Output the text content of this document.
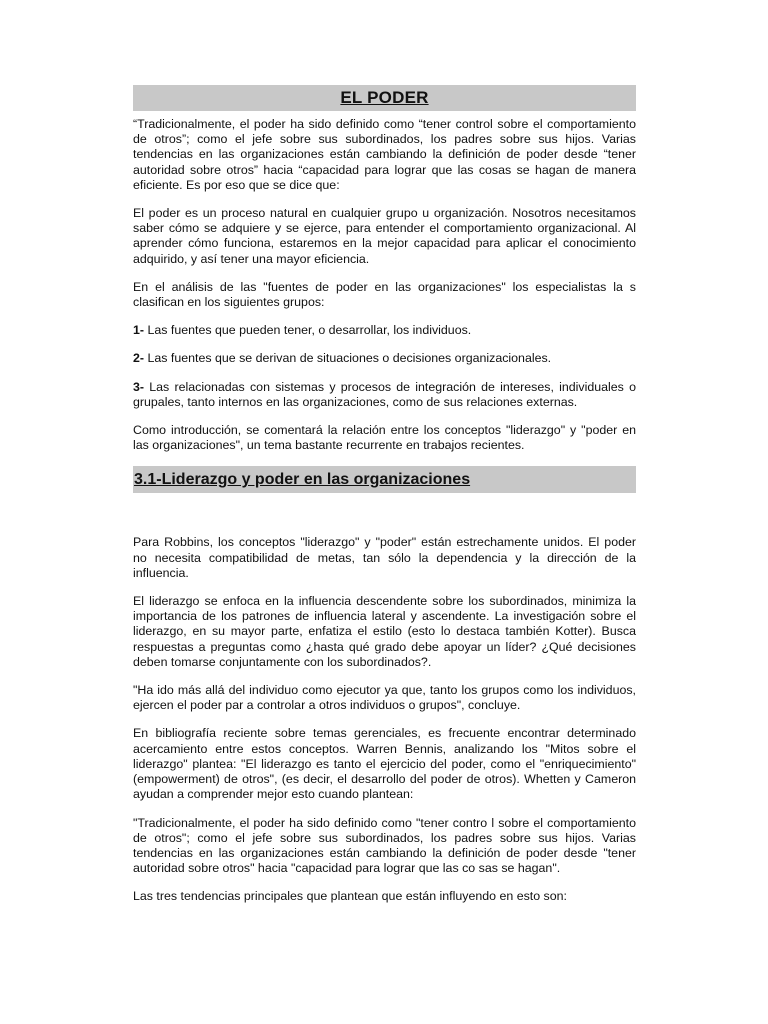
EL PODER

“Tradicionalmente, el poder ha sido definido como “tener control sobre el comportamiento de otros”; como el jefe sobre sus subordinados, los padres sobre sus hijos. Varias tendencias en las organizaciones están cambiando la definición de poder desde “tener autoridad sobre otros” hacia “capacidad para lograr que las cosas se hagan de manera eficiente. Es por eso que se dice que:

El poder es un proceso natural en cualquier grupo u organización. Nosotros necesitamos saber cómo se adquiere y se ejerce, para entender el comportamiento organizacional. Al aprender cómo funciona, estaremos en la mejor capacidad para aplicar el conocimiento adquirido, y así tener una mayor eficiencia.

En el análisis de las "fuentes de poder en las organizaciones" los especialistas la s clasifican en los siguientes grupos:

1- Las fuentes que pueden tener, o desarrollar, los individuos.

2- Las fuentes que se derivan de situaciones o decisiones organizacionales.

3- Las relacionadas con sistemas y procesos de integración de intereses, individuales o grupales, tanto internos en las organizaciones, como de sus relaciones externas.

Como introducción, se comentará la relación entre los conceptos "liderazgo" y "poder en las organizaciones", un tema bastante recurrente en trabajos recientes.

3.1-Liderazgo y poder en las organizaciones

Para Robbins, los conceptos "liderazgo" y "poder" están estrechamente unidos. El poder no necesita compatibilidad de metas, tan sólo la dependencia y la dirección de la influencia.

El liderazgo se enfoca en la influencia descendente sobre los subordinados, minimiza la importancia de los patrones de influencia lateral y ascendente. La investigación sobre el liderazgo, en su mayor parte, enfatiza el estilo (esto lo destaca también Kotter). Busca respuestas a preguntas como ¿hasta qué grado debe apoyar un líder? ¿Qué decisiones deben tomarse conjuntamente con los subordinados?.

"Ha ido más allá del individuo como ejecutor ya que, tanto los grupos como los individuos, ejercen el poder par a controlar a otros individuos o grupos", concluye.

En bibliografía reciente sobre temas gerenciales, es frecuente encontrar determinado acercamiento entre estos conceptos. Warren Bennis, analizando los "Mitos sobre el liderazgo" plantea: "El liderazgo es tanto el ejercicio del poder, como el "enriquecimiento" (empowerment) de otros", (es decir, el desarrollo del poder de otros). Whetten y Cameron ayudan a comprender mejor esto cuando plantean:

"Tradicionalmente, el poder ha sido definido como "tener contro l sobre el comportamiento de otros"; como el jefe sobre sus subordinados, los padres sobre sus hijos. Varias tendencias en las organizaciones están cambiando la definición de poder desde "tener autoridad sobre otros" hacia "capacidad para lograr que las co sas se hagan".

Las tres tendencias principales que plantean que están influyendo en esto son:
